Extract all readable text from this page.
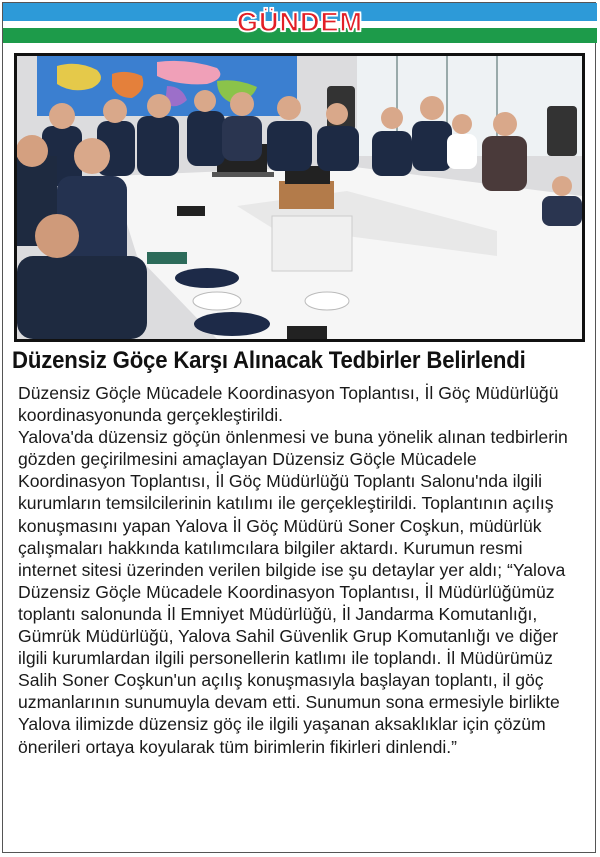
GÜNDEM
Düzensiz Göçe Karşı Alınacak Tedbirler Belirlendi

Düzensiz Göçle Mücadele Koordinasyon Toplantısı, İl Göç Müdürlüğü koordinasyonunda gerçekleştirildi.

Yalova'da düzensiz göçün önlenmesi ve buna yönelik alınan tedbirlerin gözden geçirilmesini amaçlayan Düzensiz Göçle Mücadele Koordinasyon Toplantısı, İl Göç Müdürlüğü Toplantı Salonu'nda ilgili kurumların temsilcilerinin katılımı ile gerçekleştirildi. Toplantının açılış konuşmasını yapan Yalova İl Göç Müdürü Soner Coşkun, müdürlük çalışmaları hakkında katılımcılara bilgiler aktardı. Kurumun resmi internet sitesi üzerinden verilen bilgide ise şu detaylar yer aldı; “Yalova Düzensiz Göçle Mücadele Koordinasyon Toplantısı, İl Müdürlüğümüz toplantı salonunda İl Emniyet Müdürlüğü, İl Jandarma Komutanlığı, Gümrük Müdürlüğü, Yalova Sahil Güvenlik Grup Komutanlığı ve diğer ilgili kurumlardan ilgili personellerin katlımı ile toplandı. İl Müdürümüz Salih Soner Coşkun'un açılış konuşmasıyla başlayan toplantı, il göç uzmanlarının sunumuyla devam etti. Sunumun sona ermesiyle birlikte Yalova ilimizde düzensiz göç ile ilgili yaşanan aksaklıklar için çözüm önerileri ortaya koyularak tüm birimlerin fikirleri dinlendi.”
